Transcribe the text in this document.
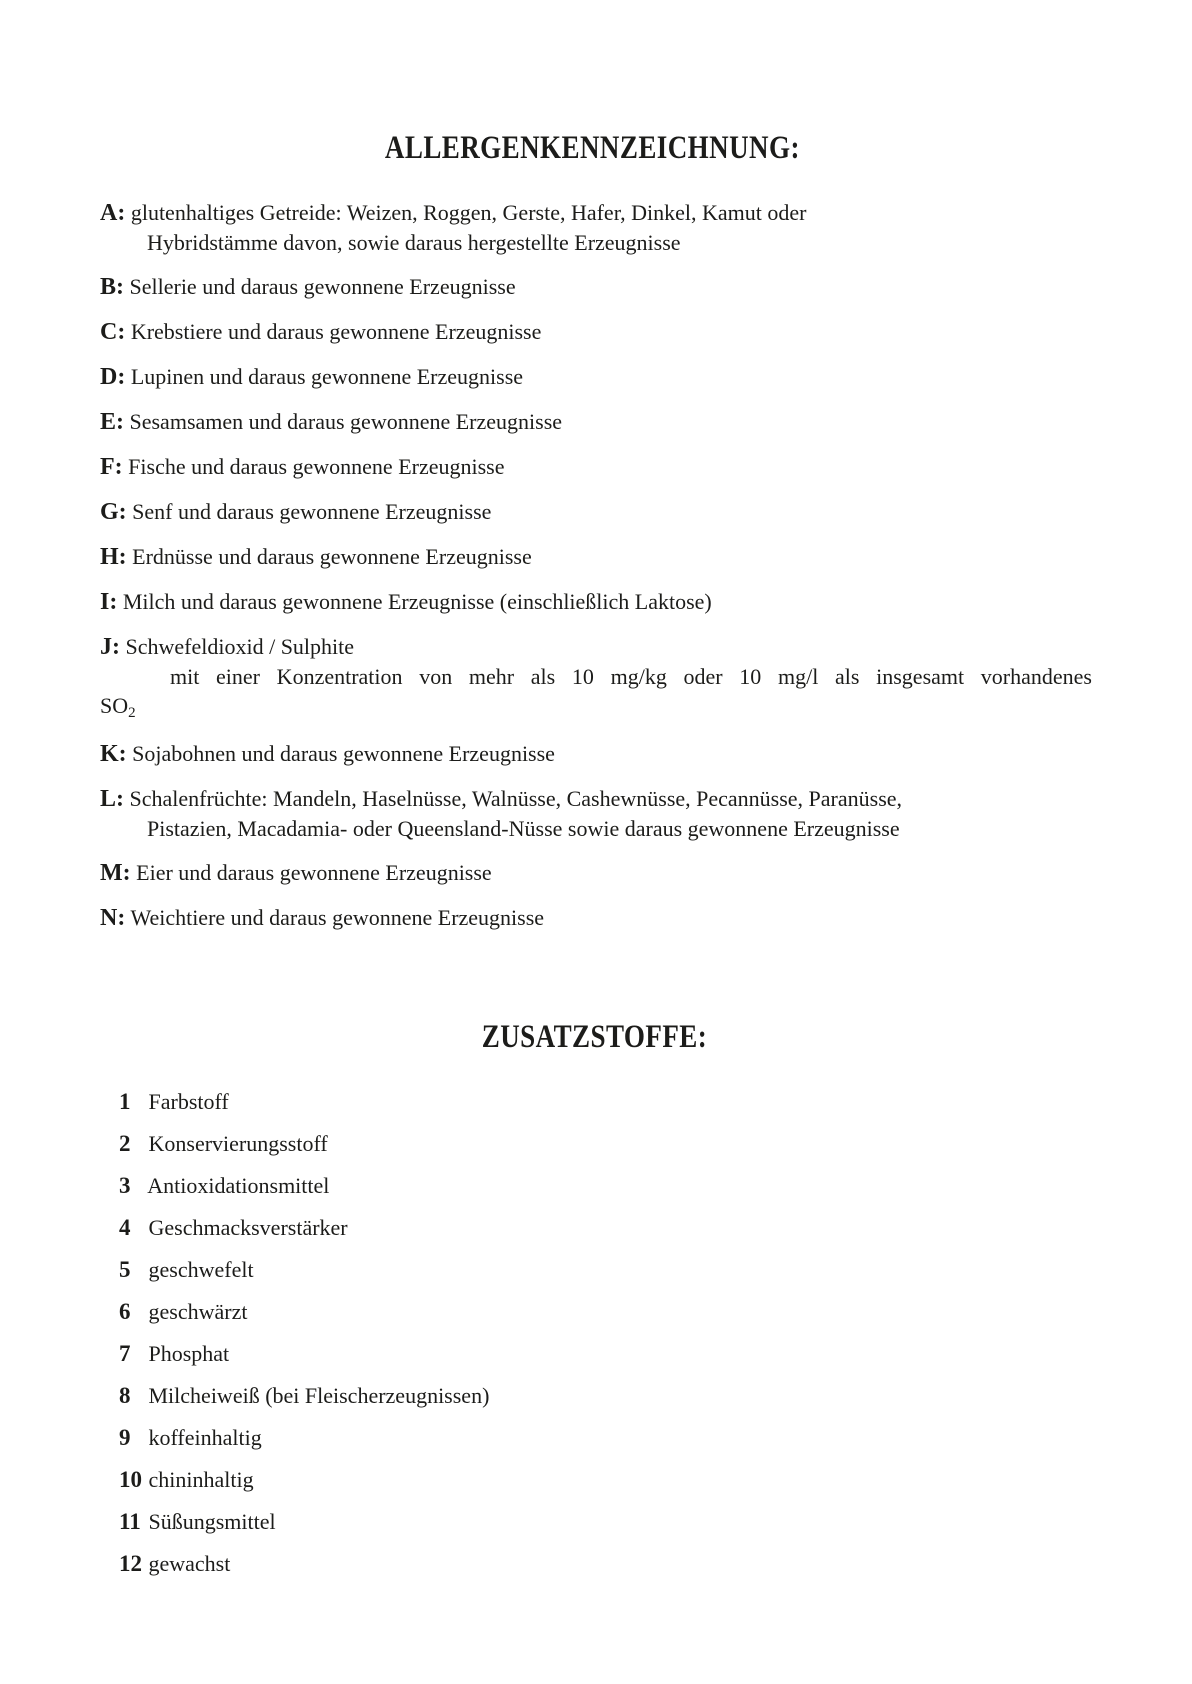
ALLERGENKENNZEICHNUNG:
A: glutenhaltiges Getreide: Weizen, Roggen, Gerste, Hafer, Dinkel, Kamut oder
Hybridstämme davon, sowie daraus hergestellte Erzeugnisse
B: Sellerie und daraus gewonnene Erzeugnisse
C: Krebstiere und daraus gewonnene Erzeugnisse
D: Lupinen und daraus gewonnene Erzeugnisse
E: Sesamsamen und daraus gewonnene Erzeugnisse
F: Fische und daraus gewonnene Erzeugnisse
G: Senf und daraus gewonnene Erzeugnisse
H: Erdnüsse und daraus gewonnene Erzeugnisse
I: Milch und daraus gewonnene Erzeugnisse (einschließlich Laktose)
J: Schwefeldioxid / Sulphite
mit einer Konzentration von mehr als 10 mg/kg oder 10 mg/l als insgesamt vorhandenes
$SO_2$
K: Sojabohnen und daraus gewonnene Erzeugnisse
L: Schalenfrüchte: Mandeln, Haselnüsse, Walnüsse, Cashewnüsse, Pecannüsse, Paranüsse,
Pistazien, Macadamia- oder Queensland-Nüsse sowie daraus gewonnene Erzeugnisse
M: Eier und daraus gewonnene Erzeugnisse
N: Weichtiere und daraus gewonnene Erzeugnisse
ZUSATZSTOFFE:
1 Farbstoff
2 Konservierungsstoff
3 Antioxidationsmittel
4 Geschmacksverstärker
5 geschwefelt
6 geschwärzt
7 Phosphat
8 Milcheiweiß (bei Fleischerzeugnissen)
9 koffeinhaltig
10 chininhaltig
11 Süßungsmittel
12 gewachst
